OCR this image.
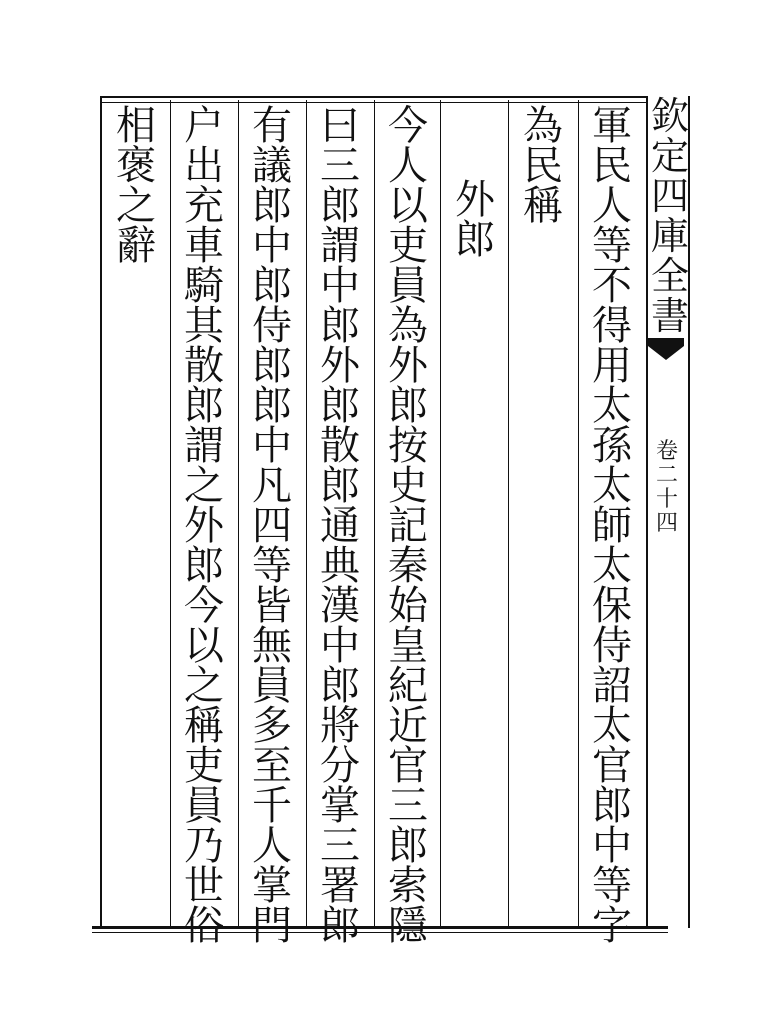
軍民人等不得用太孫太師太保侍詔太官郎中等字
為民稱
外郎
今人以吏員為外郎按史記秦始皇紀近官三郎索隱
曰三郎謂中郎外郎散郎通典漢中郎將分掌三署郎
有議郎中郎侍郎郎中凡四等皆無員多至千人掌門
户出充車騎其散郎謂之外郎今以之稱吏員乃世俗
相褒之辭
欽定四庫全書
卷二十四
